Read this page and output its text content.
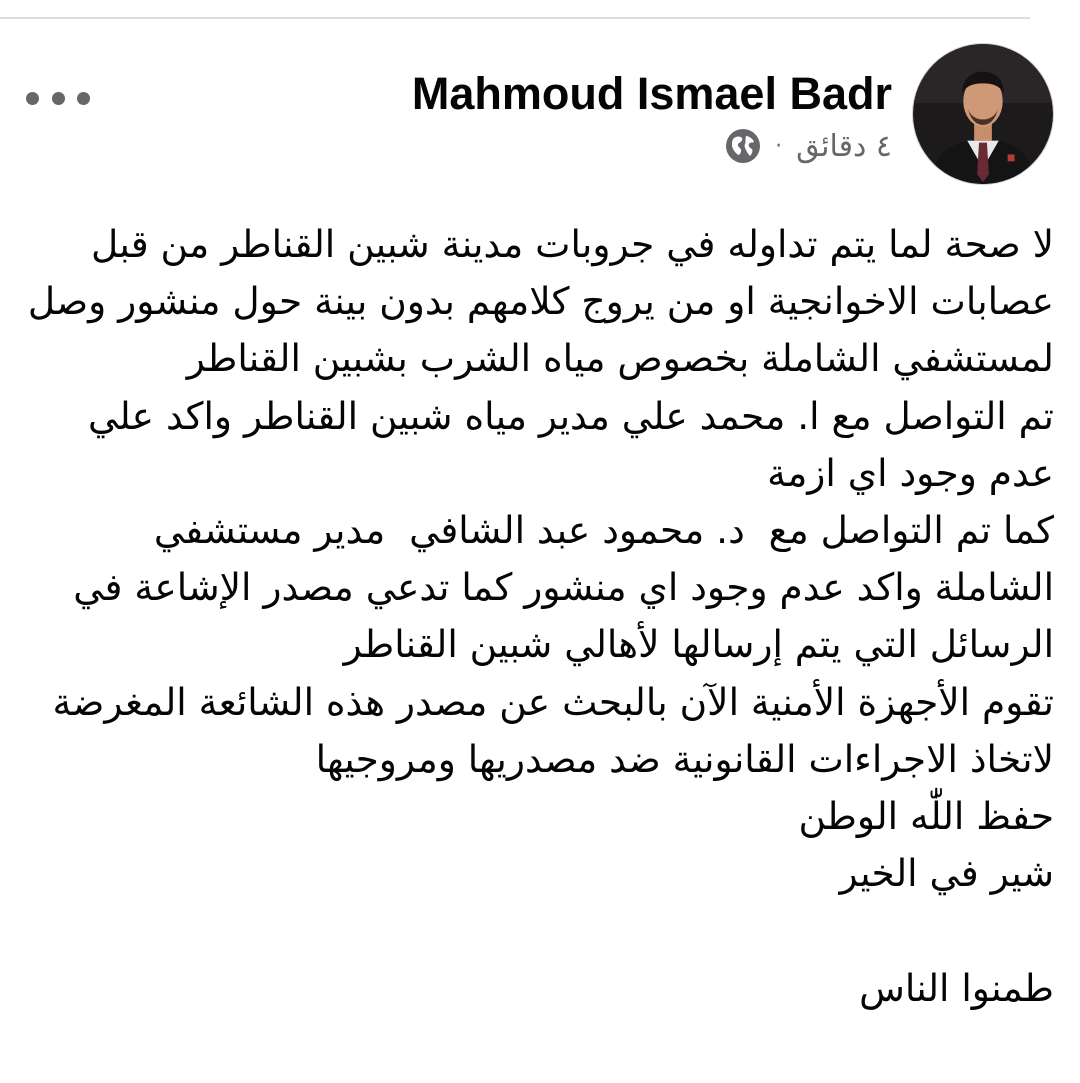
Mahmoud Ismael Badr
٤ دقائق
·

لا صحة لما يتم تداوله في جروبات مدينة شبين القناطر من قبل عصابات الاخوانجية او من يروج كلامهم بدون بينة حول منشور وصل لمستشفي الشاملة بخصوص مياه الشرب بشبين القناطر

تم التواصل مع ا. محمد علي مدير مياه شبين القناطر واكد علي عدم وجود اي ازمة

كما تم التواصل مع  د. محمود عبد الشافي  مدير مستشفي الشاملة واكد عدم وجود اي منشور كما تدعي مصدر الإشاعة في الرسائل التي يتم إرسالها لأهالي شبين القناطر

تقوم الأجهزة الأمنية الآن بالبحث عن مصدر هذه الشائعة المغرضة لاتخاذ الاجراءات القانونية ضد مصدريها ومروجيها

حفظ اللّٰه الوطن

شير في الخير

طمنوا الناس
